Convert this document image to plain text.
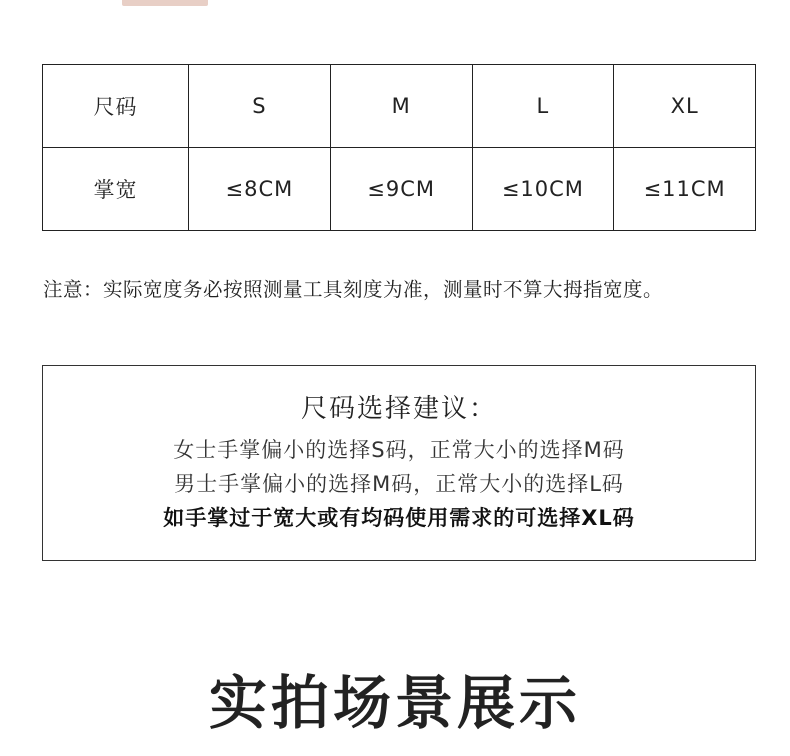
尺码	S	M	L	XL
掌宽	≤8CM	≤9CM	≤10CM	≤11CM
注意：实际宽度务必按照测量工具刻度为准，测量时不算大拇指宽度。
尺码选择建议：
女士手掌偏小的选择S码，正常大小的选择M码
男士手掌偏小的选择M码，正常大小的选择L码
如手掌过于宽大或有均码使用需求的可选择XL码
实拍场景展示
